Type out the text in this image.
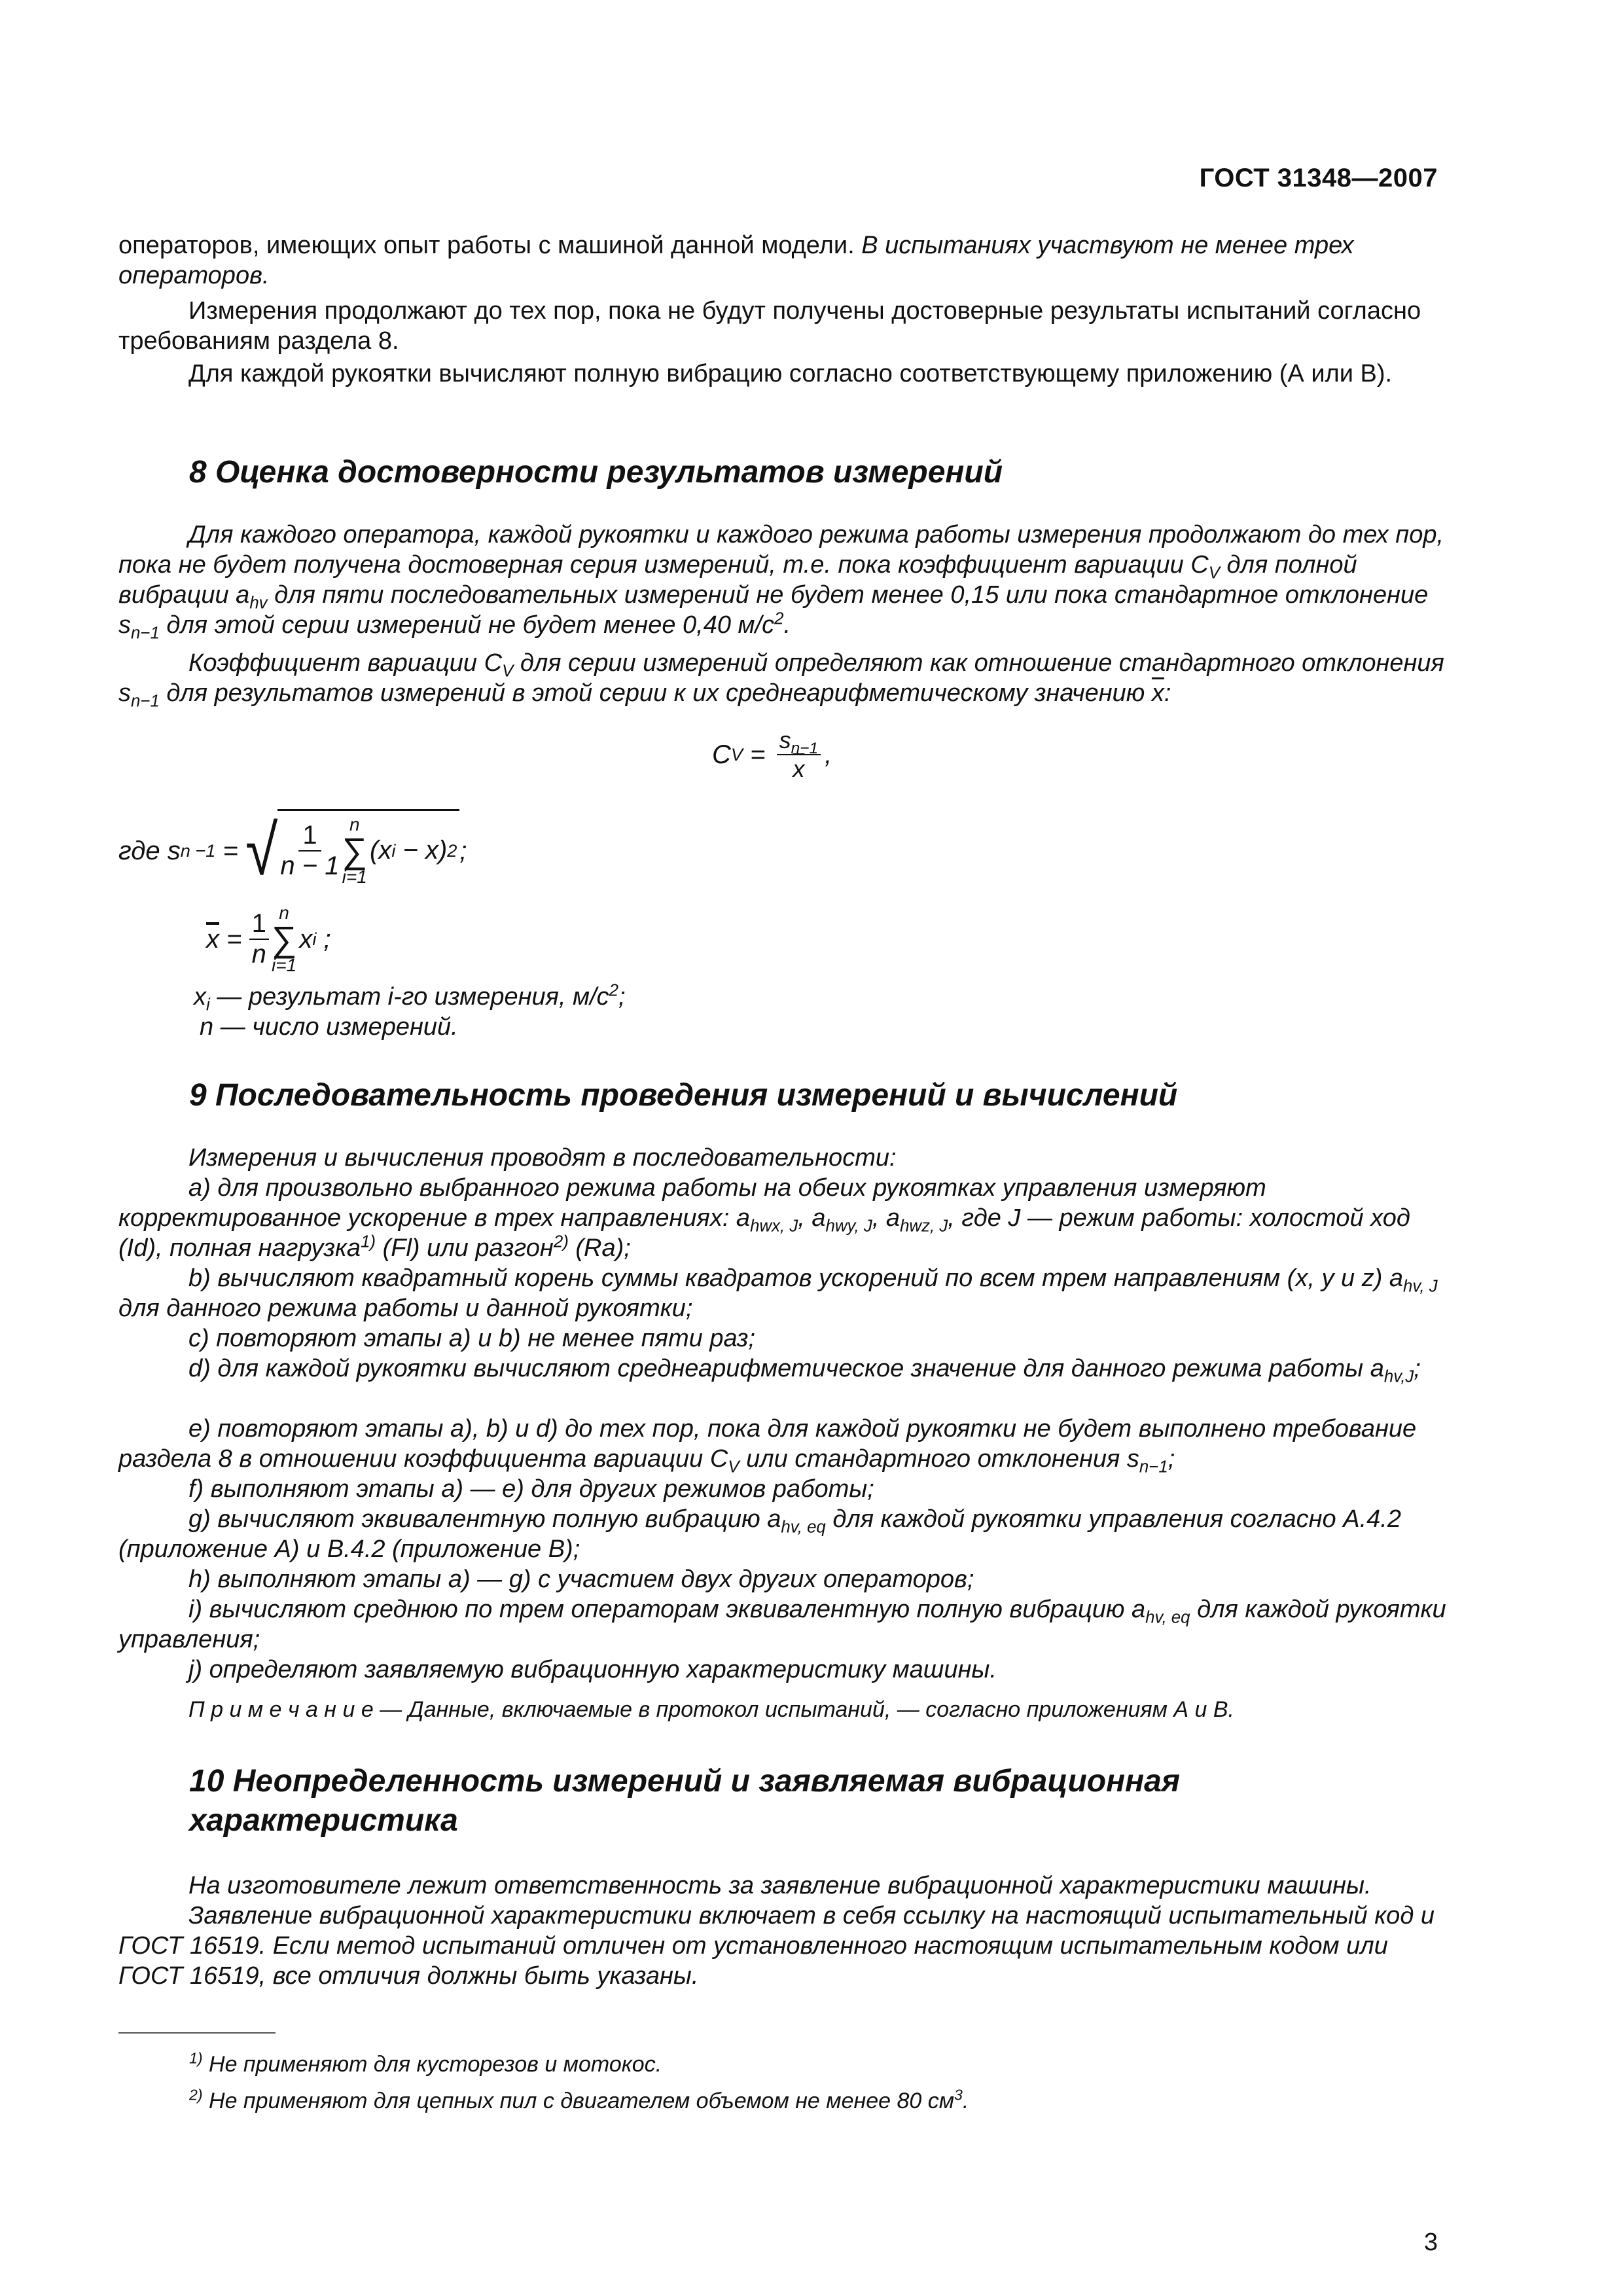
ГОСТ 31348—2007
операторов, имеющих опыт работы с машиной данной модели. В испытаниях участвуют не менее трех операторов.
Измерения продолжают до тех пор, пока не будут получены достоверные результаты испытаний согласно требованиям раздела 8.
Для каждой рукоятки вычисляют полную вибрацию согласно соответствующему приложению (А или В).
8 Оценка достоверности результатов измерений
Для каждого оператора, каждой рукоятки и каждого режима работы измерения продолжают до тех пор, пока не будет получена достоверная серия измерений, т.е. пока коэффициент вариации $C_V$ для полной вибрации $a_{hv}$ для пяти последовательных измерений не будет менее 0,15 или пока стандартное отклонение $s_{n-1}$ для этой серии измерений не будет менее 0,40 $м/с^2$.
Коэффициент вариации $C_V$ для серии измерений определяют как отношение стандартного отклонения $s_{n-1}$ для результатов измерений в этой серии к их среднеарифметическому значению $\overline{x}$:
C $V = \frac{s_{n-1}}{x}$ ,
где s n −1 = √ $\frac{1}{n - 1}$ n
∑
i=1
(x i − x) 2 ;
$\overline{x} = \frac{1}{n}$ n
∑
i=1
x i ;
$x_i$ — результат i-го измерения, $м/с^2$;
n — число измерений.
9 Последовательность проведения измерений и вычислений
Измерения и вычисления проводят в последовательности:
а) для произвольно выбранного режима работы на обеих рукоятках управления измеряют корректированное ускорение в трех направлениях: $a_{hwx, J}$, $a_{hwy, J}$, $a_{hwz, J}$, где J — режим работы: холостой ход (Id), полная нагрузка$^{1)}$ (Fl) или разгон$^{2)}$ (Ra);
b) вычисляют квадратный корень суммы квадратов ускорений по всем трем направлениям (x, y и z) $a_{hv, J}$ для данного режима работы и данной рукоятки;
c) повторяют этапы a) и b) не менее пяти раз;
d) для каждой рукоятки вычисляют среднеарифметическое значение для данного режима работы $a_{hv,J}$;
e) повторяют этапы a), b) и d) до тех пор, пока для каждой рукоятки не будет выполнено требование раздела 8 в отношении коэффициента вариации $C_V$ или стандартного отклонения $s_{n-1}$;
f) выполняют этапы a) — e) для других режимов работы;
g) вычисляют эквивалентную полную вибрацию $a_{hv, eq}$ для каждой рукоятки управления согласно А.4.2 (приложение А) и В.4.2 (приложение В);
h) выполняют этапы a) — g) с участием двух других операторов;
i) вычисляют среднюю по трем операторам эквивалентную полную вибрацию $a_{hv, eq}$ для каждой рукоятки управления;
j) определяют заявляемую вибрационную характеристику машины.
П р и м е ч а н и е — Данные, включаемые в протокол испытаний, — согласно приложениям А и В.
10 Неопределенность измерений и заявляемая вибрационная
характеристика
На изготовителе лежит ответственность за заявление вибрационной характеристики машины.
Заявление вибрационной характеристики включает в себя ссылку на настоящий испытательный код и ГОСТ 16519. Если метод испытаний отличен от установленного настоящим испытательным кодом или ГОСТ 16519, все отличия должны быть указаны.
$^{1)}$ Не применяют для кусторезов и мотокос.
$^{2)}$ Не применяют для цепных пил с двигателем объемом не менее 80 $см^3$.
3
